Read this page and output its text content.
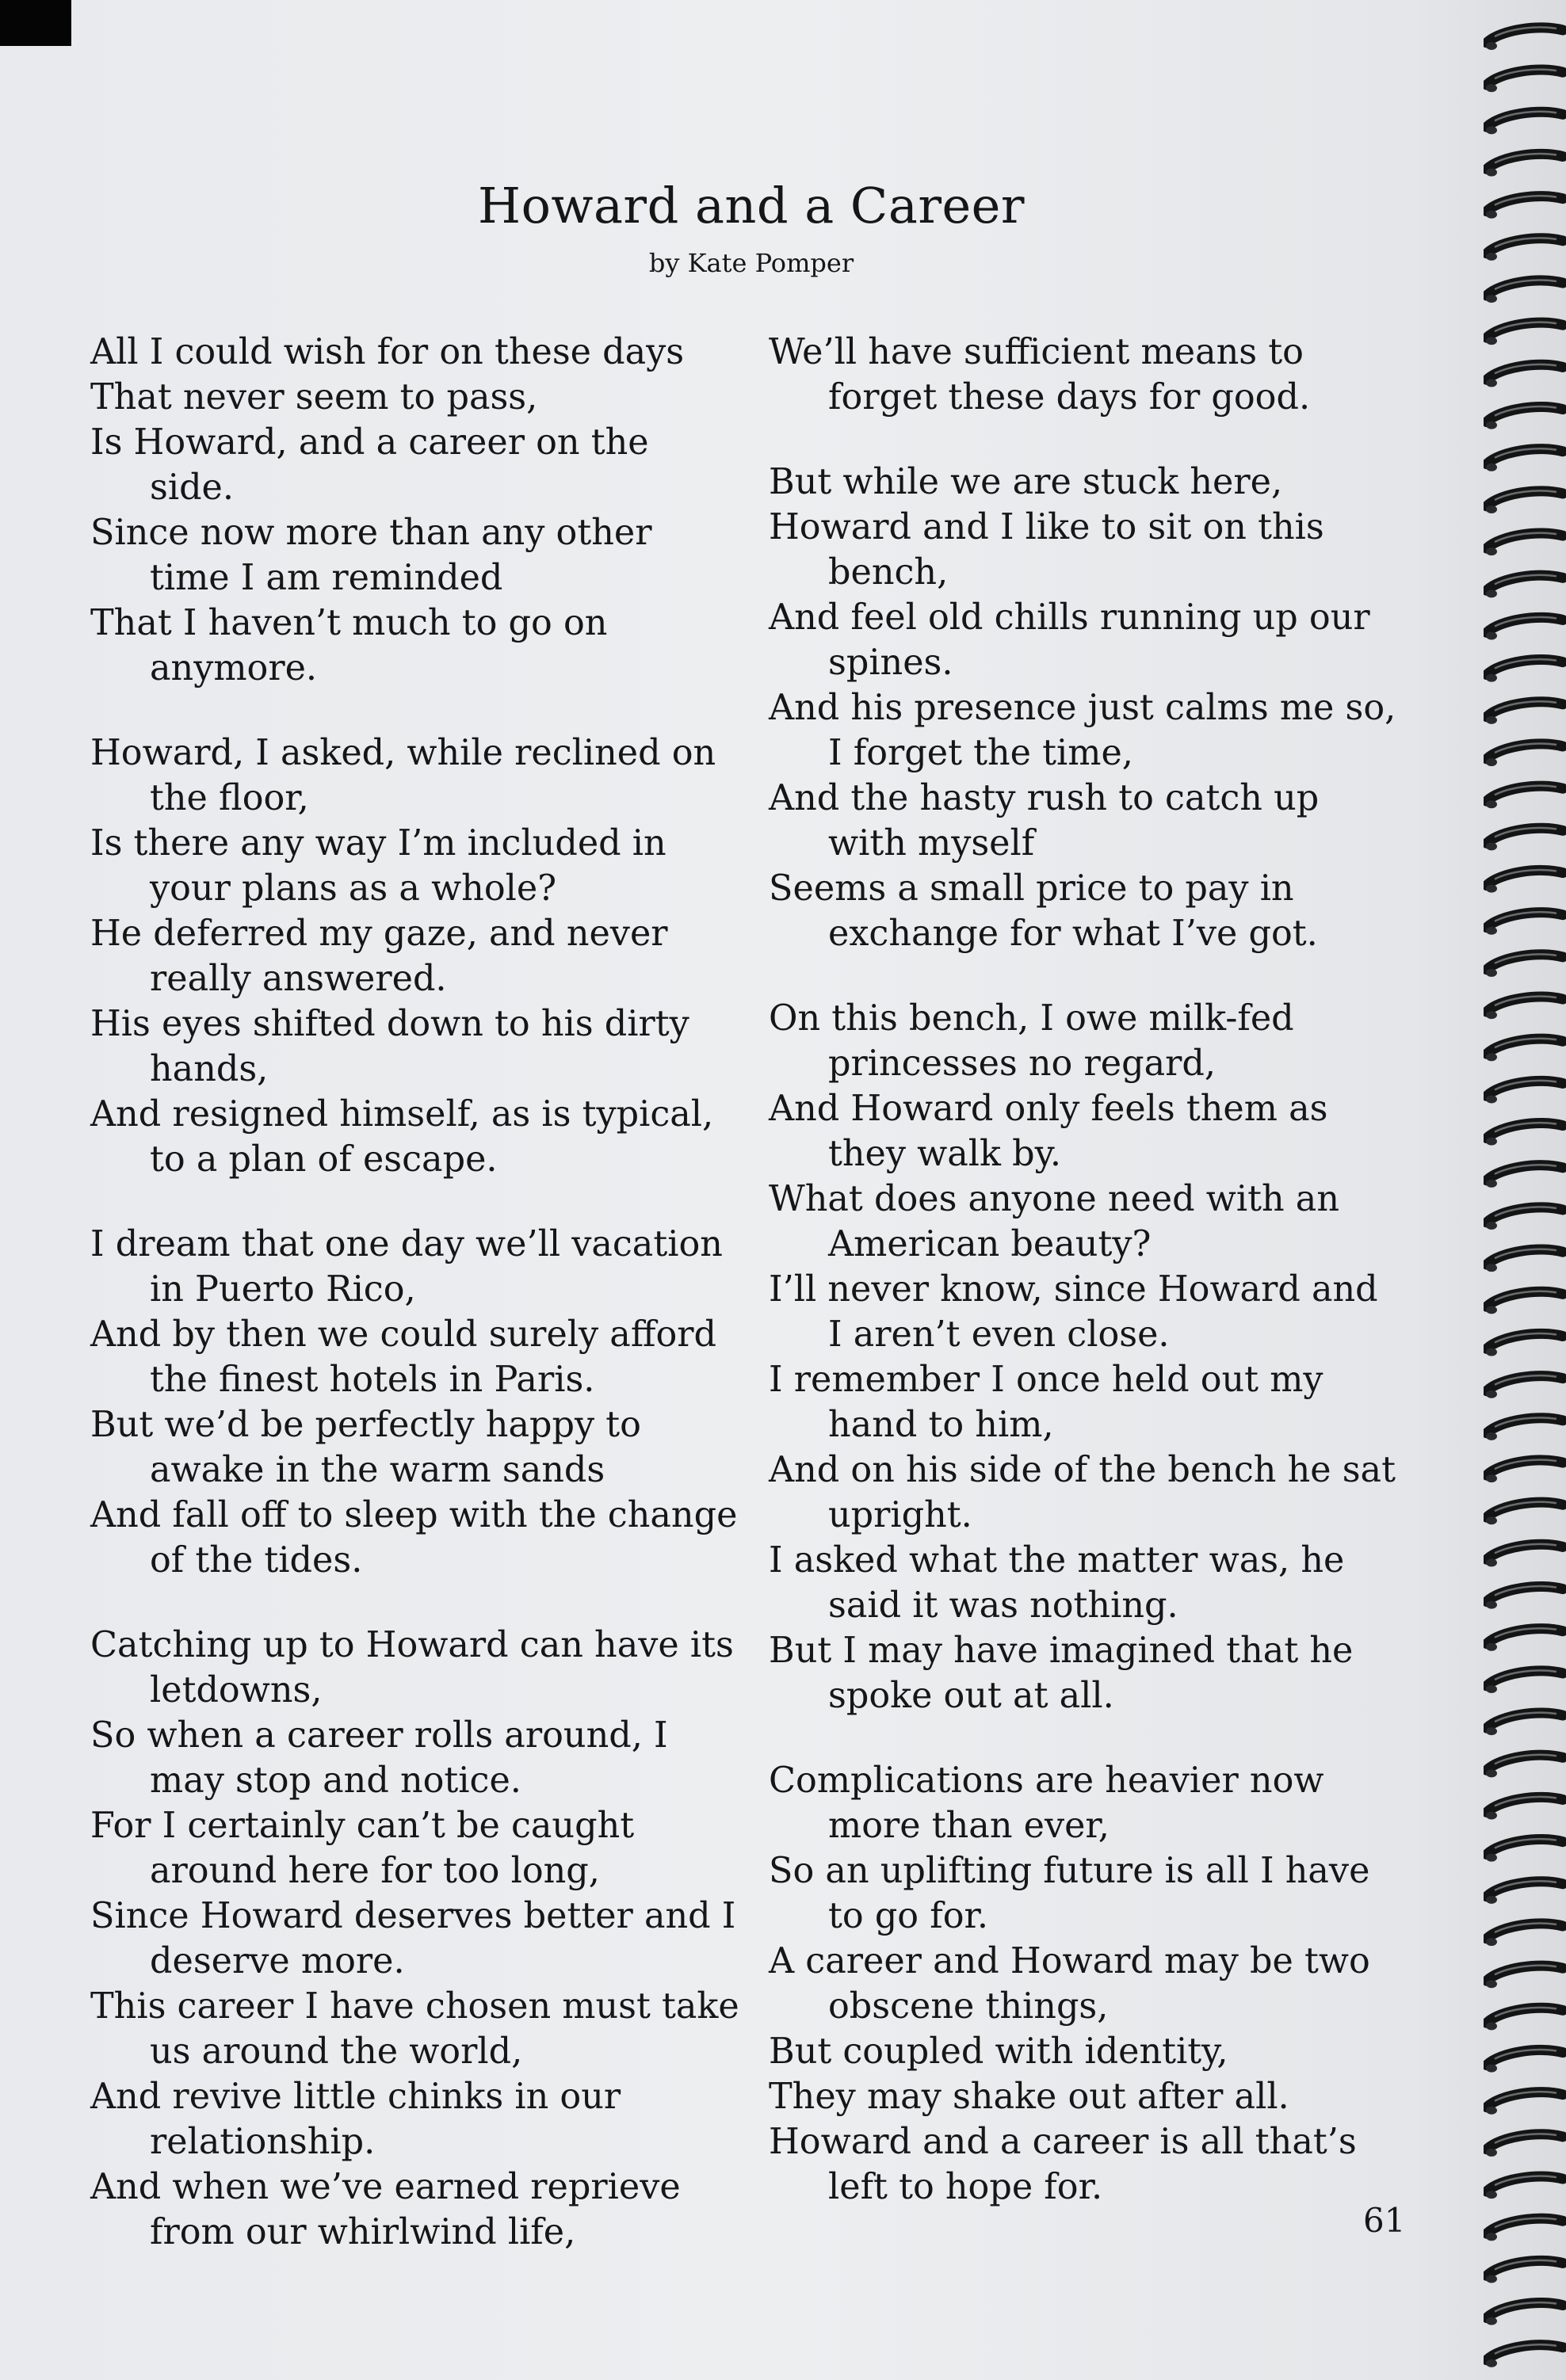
Howard and a Career
by Kate Pomper
All I could wish for on these days
That never seem to pass,
Is Howard, and a career on the side.
Since now more than any other time I am reminded
That I haven’t much to go on anymore.
Howard, I asked, while reclined on the floor,
Is there any way I’m included in your plans as a whole?
He deferred my gaze, and never really answered.
His eyes shifted down to his dirty hands,
And resigned himself, as is typical, to a plan of escape.
I dream that one day we’ll vacation in Puerto Rico,
And by then we could surely afford the finest hotels in Paris.
But we’d be perfectly happy to awake in the warm sands
And fall off to sleep with the change of the tides.
Catching up to Howard can have its letdowns,
So when a career rolls around, I may stop and notice.
For I certainly can’t be caught around here for too long,
Since Howard deserves better and I deserve more.
This career I have chosen must take us around the world,
And revive little chinks in our relationship.
And when we’ve earned reprieve from our whirlwind life,
We’ll have sufficient means to forget these days for good.
But while we are stuck here,
Howard and I like to sit on this bench,
And feel old chills running up our spines.
And his presence just calms me so, I forget the time,
And the hasty rush to catch up with myself
Seems a small price to pay in exchange for what I’ve got.
On this bench, I owe milk-fed princesses no regard,
And Howard only feels them as they walk by.
What does anyone need with an American beauty?
I’ll never know, since Howard and I aren’t even close.
I remember I once held out my hand to him,
And on his side of the bench he sat upright.
I asked what the matter was, he said it was nothing.
But I may have imagined that he spoke out at all.
Complications are heavier now more than ever,
So an uplifting future is all I have to go for.
A career and Howard may be two obscene things,
But coupled with identity,
They may shake out after all.
Howard and a career is all that’s left to hope for.
61
